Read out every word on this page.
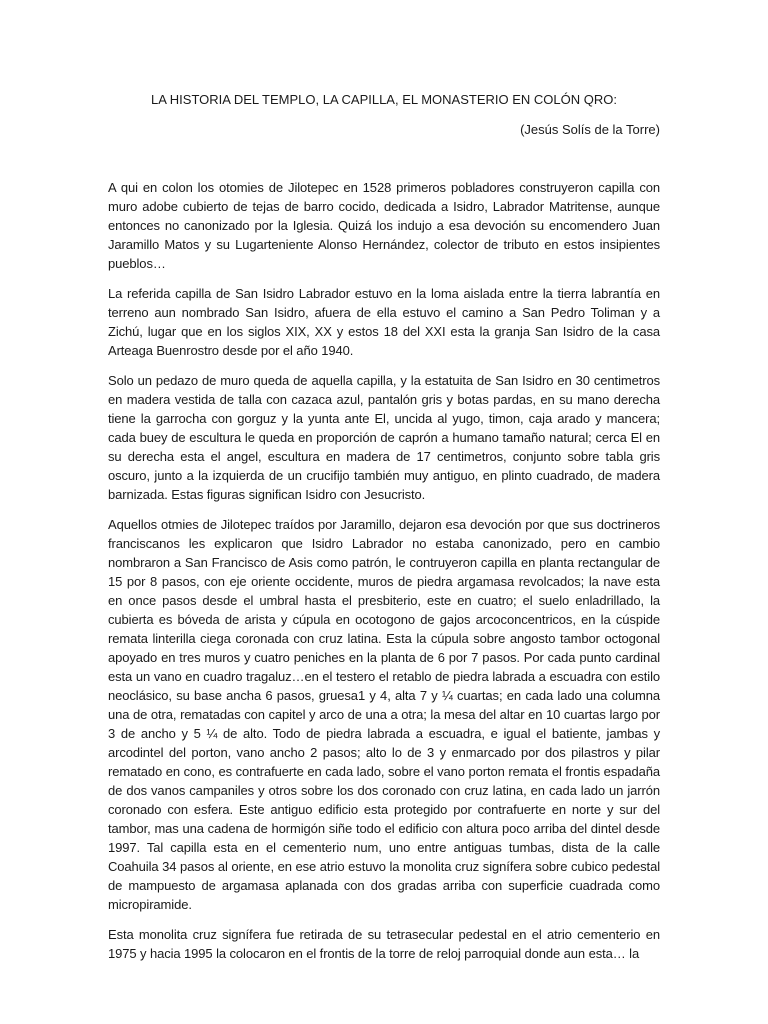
LA HISTORIA DEL TEMPLO, LA CAPILLA, EL MONASTERIO EN COLÓN QRO:

(Jesús Solís de la Torre)

A qui en colon los otomies de Jilotepec en 1528 primeros pobladores construyeron capilla con muro adobe cubierto de tejas de barro cocido, dedicada a Isidro, Labrador Matritense, aunque entonces no canonizado por la Iglesia. Quizá los indujo a esa devoción su encomendero Juan Jaramillo Matos y su Lugarteniente Alonso Hernández, colector de tributo en estos insipientes pueblos…

La referida capilla de San Isidro Labrador estuvo en la loma aislada entre la tierra labrantía en terreno aun nombrado San Isidro, afuera de ella estuvo el camino a San Pedro Toliman y a Zichú, lugar que en los siglos XIX, XX y estos 18 del XXI esta la granja San Isidro de la casa Arteaga Buenrostro desde por el año 1940.

Solo un pedazo de muro queda de aquella capilla, y la estatuita de San Isidro en 30 centimetros en madera vestida de talla con cazaca azul, pantalón gris y botas pardas, en su mano derecha tiene la garrocha con gorguz y la yunta ante El, uncida al yugo, timon, caja arado y mancera; cada buey de escultura le queda en proporción de caprón a humano tamaño natural; cerca El en su derecha esta el angel, escultura en madera de 17 centimetros, conjunto sobre tabla gris oscuro, junto a la izquierda de un crucifijo también muy antiguo, en plinto cuadrado, de madera barnizada. Estas figuras significan Isidro con Jesucristo.

Aquellos otmies de Jilotepec traídos por Jaramillo, dejaron esa devoción por que sus doctrineros franciscanos les explicaron que Isidro Labrador no estaba canonizado, pero en cambio nombraron a San Francisco de Asis como patrón, le contruyeron capilla en planta rectangular de 15 por 8 pasos, con eje oriente occidente, muros de piedra argamasa revolcados; la nave esta en once pasos desde el umbral hasta el presbiterio, este en cuatro; el suelo enladrillado, la cubierta es bóveda de arista y cúpula en ocotogono de gajos arcoconcentricos, en la cúspide remata linterilla ciega coronada con cruz latina. Esta la cúpula sobre angosto tambor octogonal apoyado en tres muros y cuatro peniches en la planta de 6 por 7 pasos. Por cada punto cardinal esta un vano en cuadro tragaluz…en el testero el retablo de piedra labrada a escuadra con estilo neoclásico, su base ancha 6 pasos, gruesa1 y 4, alta 7 y ¼ cuartas; en cada lado una columna una de otra, rematadas con capitel y arco de una a otra; la mesa del altar en 10 cuartas largo por 3 de ancho y 5 ¼ de alto. Todo de piedra labrada a escuadra, e igual el batiente, jambas y arcodintel del porton, vano ancho 2 pasos; alto lo de 3 y enmarcado por dos pilastros y pilar rematado en cono, es contrafuerte en cada lado, sobre el vano porton remata el frontis espadaña de dos vanos campaniles y otros sobre los dos coronado con cruz latina, en cada lado un jarrón coronado con esfera. Este antiguo edificio esta protegido por contrafuerte en norte y sur del tambor, mas una cadena de hormigón siñe todo el edificio con altura poco arriba del dintel desde 1997. Tal capilla esta en el cementerio num, uno entre antiguas tumbas, dista de la calle Coahuila 34 pasos al oriente, en ese atrio estuvo la monolita cruz signífera sobre cubico pedestal de mampuesto de argamasa aplanada con dos gradas arriba con superficie cuadrada como micropiramide.

Esta monolita cruz signífera fue retirada de su tetrasecular pedestal en el atrio cementerio en 1975 y hacia 1995 la colocaron en el frontis de la torre de reloj parroquial donde aun esta… la
